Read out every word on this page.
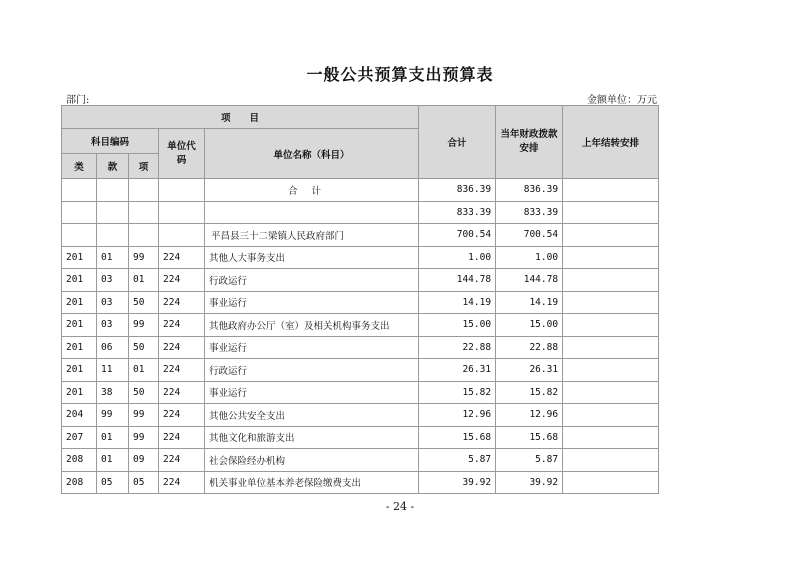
一般公共预算支出预算表
部门:	金额单位：万元
项　　目					合计	当年财政拨款安排	上年结转安排
科目编码			单位代码	单位名称（科目）			
类	款	项					
				合计	836.39	836.39	
					833.39	833.39	
				平昌县三十二梁镇人民政府部门	700.54	700.54	
201	01	99	224	其他人大事务支出	1.00	1.00	
201	03	01	224	行政运行	144.78	144.78	
201	03	50	224	事业运行	14.19	14.19	
201	03	99	224	其他政府办公厅（室）及相关机构事务支出	15.00	15.00	
201	06	50	224	事业运行	22.88	22.88	
201	11	01	224	行政运行	26.31	26.31	
201	38	50	224	事业运行	15.82	15.82	
204	99	99	224	其他公共安全支出	12.96	12.96	
207	01	99	224	其他文化和旅游支出	15.68	15.68	
208	01	09	224	社会保险经办机构	5.87	5.87	
208	05	05	224	机关事业单位基本养老保险缴费支出	39.92	39.92	
- 24 -
